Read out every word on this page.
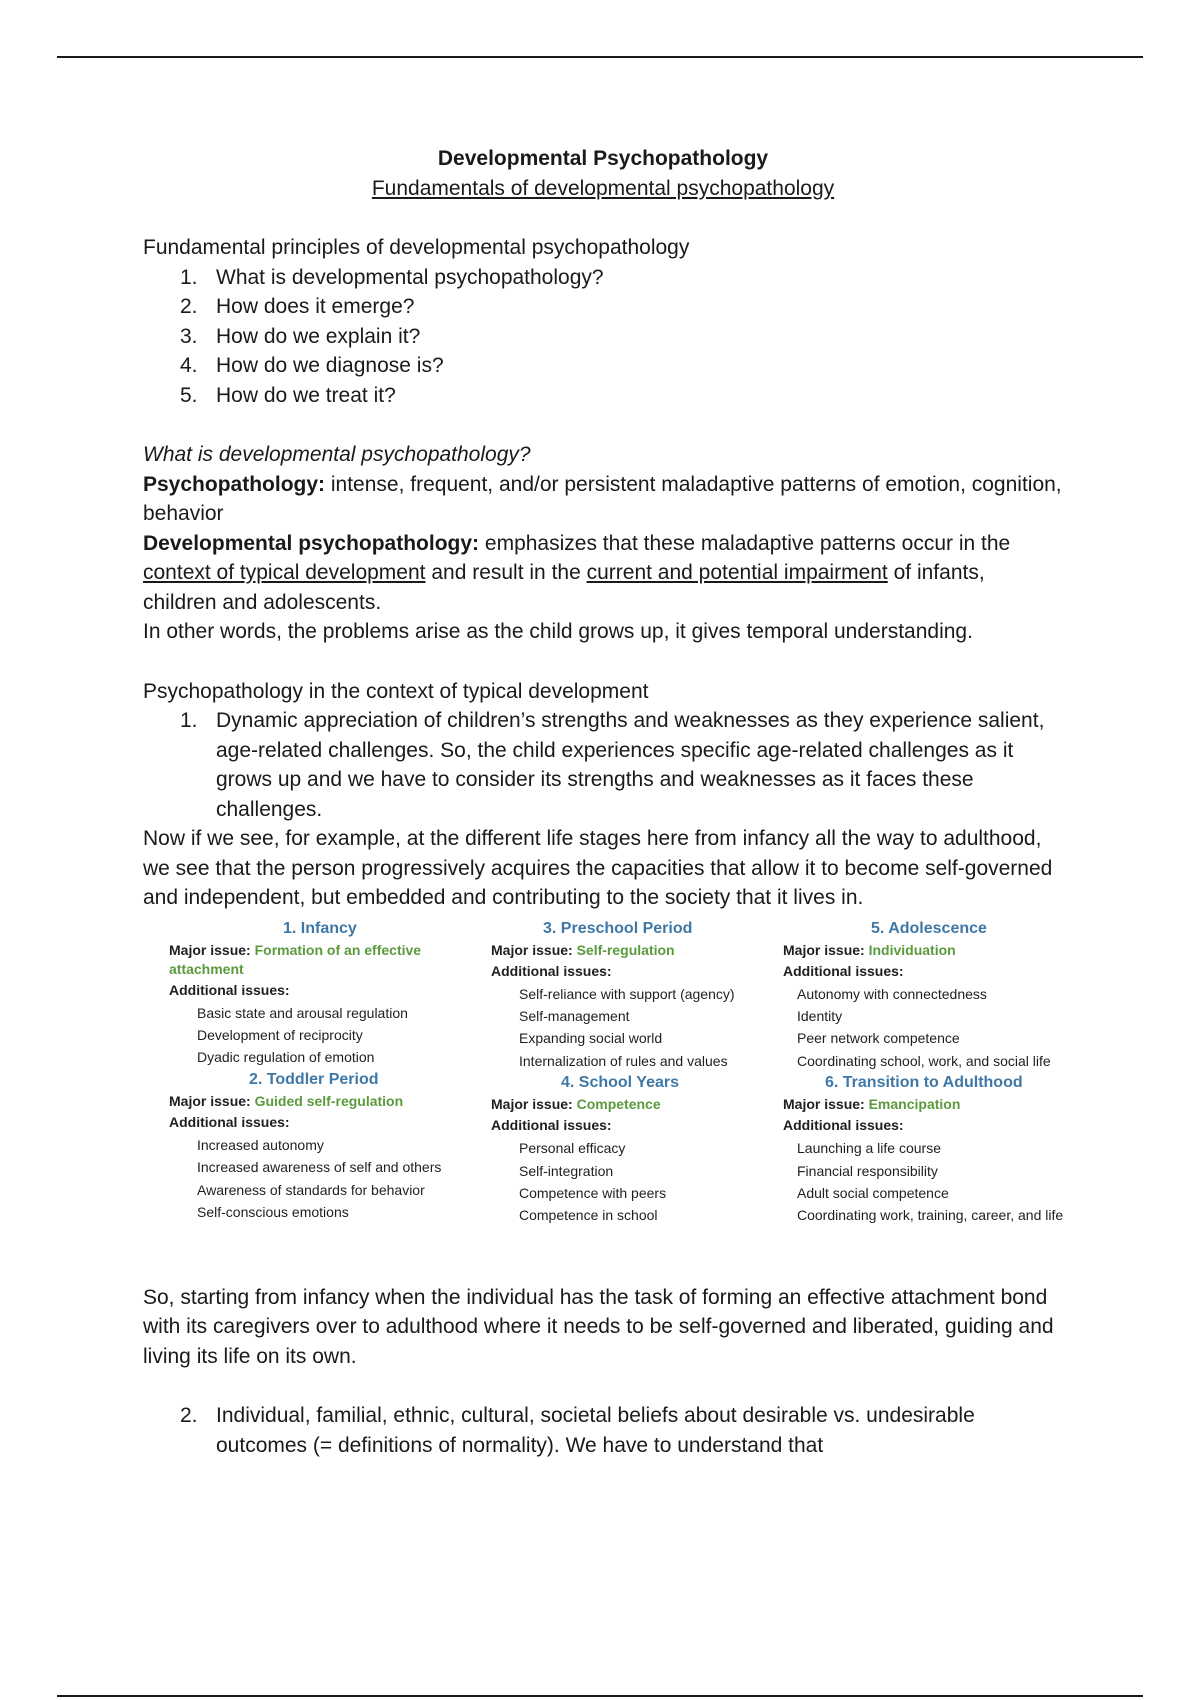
Developmental Psychopathology

Fundamentals of developmental psychopathology

Fundamental principles of developmental psychopathology

1. What is developmental psychopathology?
2. How does it emerge?
3. How do we explain it?
4. How do we diagnose is?
5. How do we treat it?

What is developmental psychopathology?

Psychopathology: intense, frequent, and/or persistent maladaptive patterns of emotion, cognition, behavior

Developmental psychopathology: emphasizes that these maladaptive patterns occur in the context of typical development and result in the current and potential impairment of infants, children and adolescents.

In other words, the problems arise as the child grows up, it gives temporal understanding.

Psychopathology in the context of typical development

1. Dynamic appreciation of children’s strengths and weaknesses as they experience salient, age-related challenges. So, the child experiences specific age-related challenges as it grows up and we have to consider its strengths and weaknesses as it faces these challenges.

Now if we see, for example, at the different life stages here from infancy all the way to adulthood, we see that the person progressively acquires the capacities that allow it to become self-governed and independent, but embedded and contributing to the society that it lives in.

1. Infancy
Major issue: Formation of an effective attachment
Additional issues:
Basic state and arousal regulation
Development of reciprocity
Dyadic regulation of emotion
2. Toddler Period
Major issue: Guided self-regulation
Additional issues:
Increased autonomy
Increased awareness of self and others
Awareness of standards for behavior
Self-conscious emotions
3. Preschool Period
Major issue: Self-regulation
Additional issues:
Self-reliance with support (agency)
Self-management
Expanding social world
Internalization of rules and values
4. School Years
Major issue: Competence
Additional issues:
Personal efficacy
Self-integration
Competence with peers
Competence in school
5. Adolescence
Major issue: Individuation
Additional issues:
Autonomy with connectedness
Identity
Peer network competence
Coordinating school, work, and social life
6. Transition to Adulthood
Major issue: Emancipation
Additional issues:
Launching a life course
Financial responsibility
Adult social competence
Coordinating work, training, career, and life

So, starting from infancy when the individual has the task of forming an effective attachment bond with its caregivers over to adulthood where it needs to be self-governed and liberated, guiding and living its life on its own.

2. Individual, familial, ethnic, cultural, societal beliefs about desirable vs. undesirable outcomes (= definitions of normality). We have to understand that
